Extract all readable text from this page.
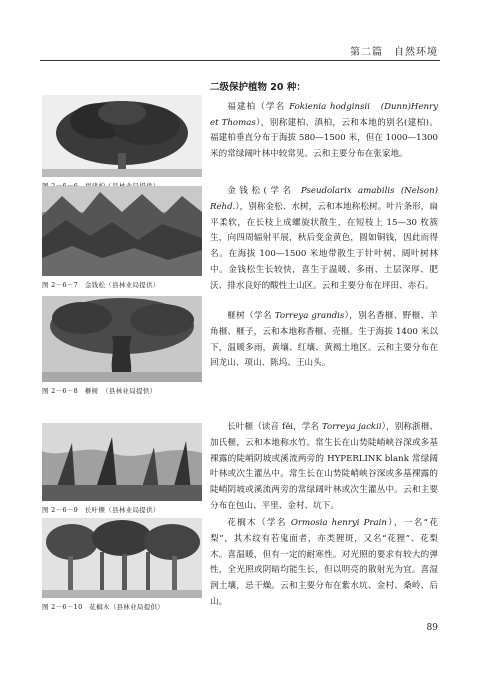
第二篇　自然环境
图 2－6－7　金钱松（县林业局提供）
图 2－6－8　榧树　（县林业局提供）
图 2－6－9　长叶榧（县林业局提供）
图 2－6－10　花榈木（县林业局提供）
二级保护植物 20 种：

福建柏（学名 Fokienia hodginsii　(Dunn)Henry et Thomas），别称建柏、滇柏，云和本地的别名(建柏)。福建柏垂直分布于海拔 580—1500 米，但在 1000—1300 米的常绿阔叶林中较常见。云和主要分布在张家地。

金钱松(学名 Pseudolarix amabilis (Nelson) Rehd.），别称金松、水树，云和本地称松树。叶片条形，扁平柔软，在长枝上成螺旋状散生，在短枝上 15—30 枚簇生，向四周辐射平展，秋后变金黄色，圆如铜钱，因此而得名。在海拔 100—1500 米地带散生于针叶树、阔叶树林中。金钱松生长较快，喜生于温暖、多雨、土层深厚、肥沃、排水良好的酸性土山区。云和主要分布在坪田、赤石。

榧树（学名 Torreya grandis），别名香榧、野榧、羊角榧、榧子，云和本地称香榧、壳榧。生于海拔 1400 米以下，温暖多雨，黄壤、红壤、黄褐土地区。云和主要分布在回龙山、项山、陈坞、王山头。

长叶榧（读音 fěi，学名 Torreya jackii），别称浙榧、加氏榧，云和本地称水竹。常生长在山势陡峭峡谷深或多基裸露的陡峭阴坡或溪流两旁的 HYPERLINK blank 常绿阔叶林或次生灌丛中。常生长在山势陡峭峡谷深或多基裸露的陡峭阴坡或溪流两旁的常绿阔叶林或次生灌丛中。云和主要分布在包山、平里、金村、坑下。

花榈木（学名 Ormosia henryi Prain），一名“花梨”，其木纹有若鬼面者，亦类狸斑，又名“花狸”、花梨木。喜温暖，但有一定的耐寒性。对光照的要求有较大的弹性，全光照或阴暗均能生长，但以明亮的散射光为宜。喜湿润土壤，忌干燥。云和主要分布在紫水坑、金村、桑岭、后山。

89
